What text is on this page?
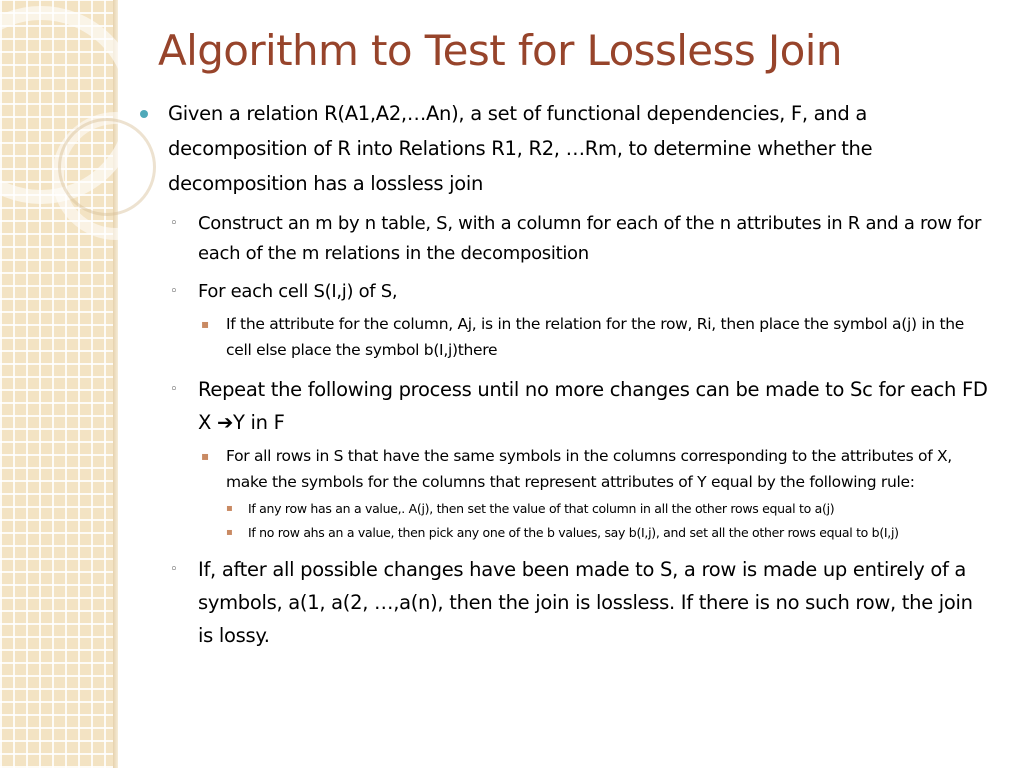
Algorithm to Test for Lossless Join
Given a relation R(A1,A2,…An), a set of functional dependencies, F, and a decomposition of R into Relations R1, R2, …Rm, to determine whether the decomposition has a lossless join
◦ Construct an m by n table, S, with a column for each of the n attributes in R and a row for each of the m relations in the decomposition
◦ For each cell S(I,j) of S,
▪ If the attribute for the column, Aj, is in the relation for the row, Ri, then place the symbol a(j) in the cell else place the symbol b(I,j)there
◦ Repeat the following process until no more changes can be made to Sc for each FD X ➔Y in F
▪ For all rows in S that have the same symbols in the columns corresponding to the attributes of X, make the symbols for the columns that represent attributes of Y equal by the following rule:
▪ If any row has an a value,. A(j), then set the value of that column in all the other rows equal to a(j)
▪ If no row ahs an a value, then pick any one of the b values, say b(I,j), and set all the other rows equal to b(I,j)
◦ If, after all possible changes have been made to S, a row is made up entirely of a symbols, a(1, a(2, …,a(n), then the join is lossless. If there is no such row, the join is lossy.
